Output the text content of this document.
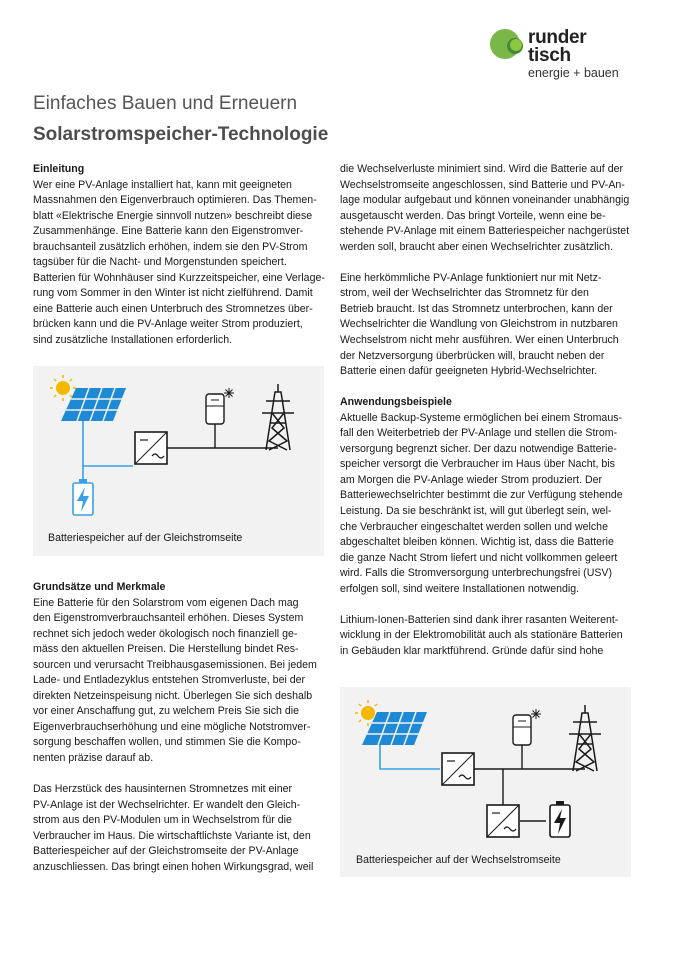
runder
tisch
energie + bauen
Einfaches Bauen und Erneuern
Solarstromspeicher-Technologie
Einleitung

Wer eine PV-Anlage installiert hat, kann mit geeigneten

Massnahmen den Eigenverbrauch optimieren. Das Themen-

blatt «Elektrische Energie sinnvoll nutzen» beschreibt diese

Zusammenhänge. Eine Batterie kann den Eigenstromver-

brauchsanteil zusätzlich erhöhen, indem sie den PV-Strom

tagsüber für die Nacht- und Morgenstunden speichert.

Batterien für Wohnhäuser sind Kurzzeitspeicher, eine Verlage-

rung vom Sommer in den Winter ist nicht zielführend. Damit

eine Batterie auch einen Unterbruch des Stromnetzes über-

brücken kann und die PV-Anlage weiter Strom produziert,

sind zusätzliche Installationen erforderlich.

Batteriespeicher auf der Gleichstromseite
Grundsätze und Merkmale

Eine Batterie für den Solarstrom vom eigenen Dach mag

den Eigenstromverbrauchsanteil erhöhen. Dieses System

rechnet sich jedoch weder ökologisch noch finanziell ge-

mäss den aktuellen Preisen. Die Herstellung bindet Res-

sourcen und verursacht Treibhausgasemissionen. Bei jedem

Lade- und Entladezyklus entstehen Stromverluste, bei der

direkten Netzeinspeisung nicht. Überlegen Sie sich deshalb

vor einer Anschaffung gut, zu welchem Preis Sie sich die

Eigenverbrauchserhöhung und eine mögliche Notstromver-

sorgung beschaffen wollen, und stimmen Sie die Kompo-

nenten präzise darauf ab.

Das Herzstück des hausinternen Stromnetzes mit einer

PV-Anlage ist der Wechselrichter. Er wandelt den Gleich-

strom aus den PV-Modulen um in Wechselstrom für die

Verbraucher im Haus. Die wirtschaftlichste Variante ist, den

Batteriespeicher auf der Gleichstromseite der PV-Anlage

anzuschliessen. Das bringt einen hohen Wirkungsgrad, weil

die Wechselverluste minimiert sind. Wird die Batterie auf der

Wechselstromseite angeschlossen, sind Batterie und PV-An-

lage modular aufgebaut und können voneinander unabhängig

ausgetauscht werden. Das bringt Vorteile, wenn eine be-

stehende PV-Anlage mit einem Batteriespeicher nachgerüstet

werden soll, braucht aber einen Wechselrichter zusätzlich.

Eine herkömmliche PV-Anlage funktioniert nur mit Netz-

strom, weil der Wechselrichter das Stromnetz für den

Betrieb braucht. Ist das Stromnetz unterbrochen, kann der

Wechselrichter die Wandlung von Gleichstrom in nutzbaren

Wechselstrom nicht mehr ausführen. Wer einen Unterbruch

der Netzversorgung überbrücken will, braucht neben der

Batterie einen dafür geeigneten Hybrid-Wechselrichter.

Anwendungsbeispiele

Aktuelle Backup-Systeme ermöglichen bei einem Stromaus-

fall den Weiterbetrieb der PV-Anlage und stellen die Strom-

versorgung begrenzt sicher. Der dazu notwendige Batterie-

speicher versorgt die Verbraucher im Haus über Nacht, bis

am Morgen die PV-Anlage wieder Strom produziert. Der

Batteriewechselrichter bestimmt die zur Verfügung stehende

Leistung. Da sie beschränkt ist, will gut überlegt sein, wel-

che Verbraucher eingeschaltet werden sollen und welche

abgeschaltet bleiben können. Wichtig ist, dass die Batterie

die ganze Nacht Strom liefert und nicht vollkommen geleert

wird. Falls die Stromversorgung unterbrechungsfrei (USV)

erfolgen soll, sind weitere Installationen notwendig.

Lithium-Ionen-Batterien sind dank ihrer rasanten Weiterent-

wicklung in der Elektromobilität auch als stationäre Batterien

in Gebäuden klar marktführend. Gründe dafür sind hohe

Batteriespeicher auf der Wechselstromseite
